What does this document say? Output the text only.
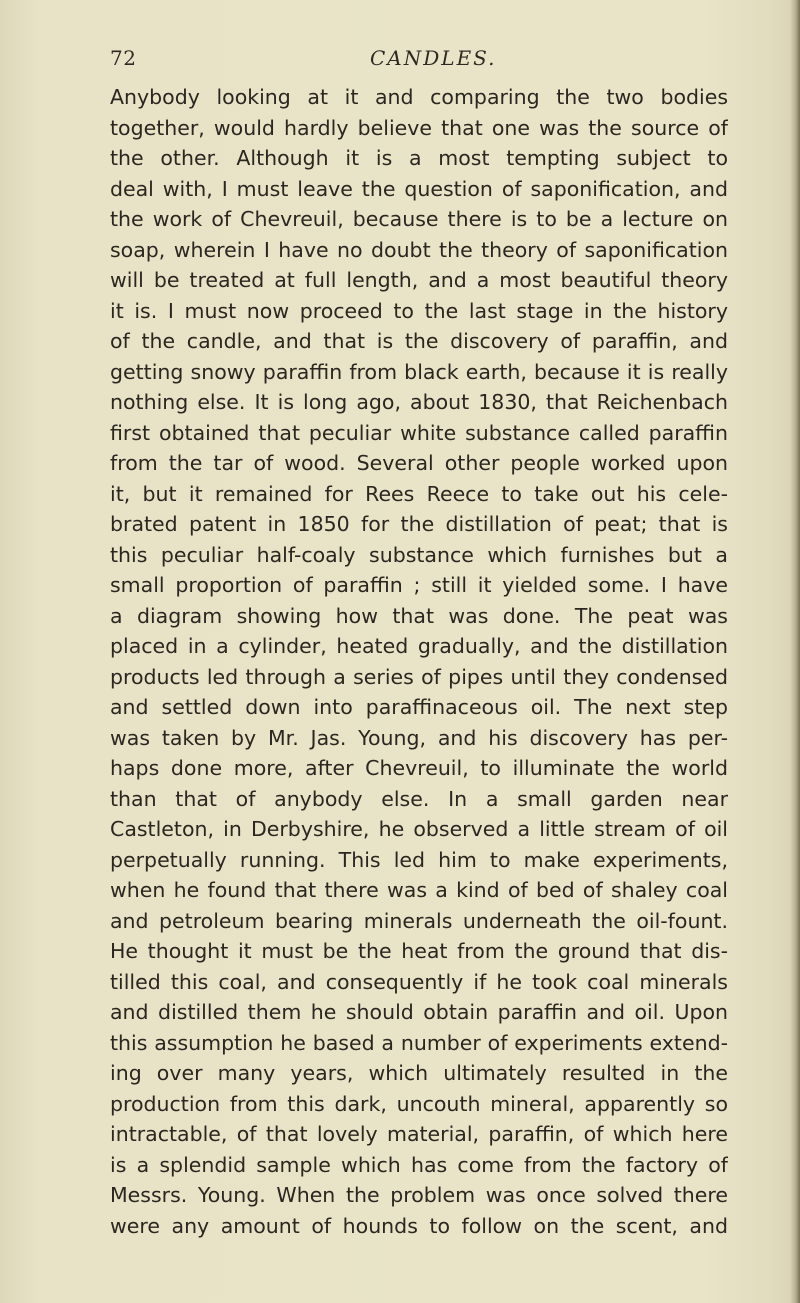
72	CANDLES.
Anybody looking at it and comparing the two bodies
together, would hardly believe that one was the source of
the other. Although it is a most tempting subject to
deal with, I must leave the question of saponification, and
the work of Chevreuil, because there is to be a lecture on
soap, wherein I have no doubt the theory of saponification
will be treated at full length, and a most beautiful theory
it is. I must now proceed to the last stage in the history
of the candle, and that is the discovery of paraffin, and
getting snowy paraffin from black earth, because it is really
nothing else. It is long ago, about 1830, that Reichenbach
first obtained that peculiar white substance called paraffin
from the tar of wood. Several other people worked upon
it, but it remained for Rees Reece to take out his cele-
brated patent in 1850 for the distillation of peat; that is
this peculiar half-coaly substance which furnishes but a
small proportion of paraffin ; still it yielded some. I have
a diagram showing how that was done. The peat was
placed in a cylinder, heated gradually, and the distillation
products led through a series of pipes until they condensed
and settled down into paraffinaceous oil. The next step
was taken by Mr. Jas. Young, and his discovery has per-
haps done more, after Chevreuil, to illuminate the world
than that of anybody else. In a small garden near
Castleton, in Derbyshire, he observed a little stream of oil
perpetually running. This led him to make experiments,
when he found that there was a kind of bed of shaley coal
and petroleum bearing minerals underneath the oil-fount.
He thought it must be the heat from the ground that dis-
tilled this coal, and consequently if he took coal minerals
and distilled them he should obtain paraffin and oil. Upon
this assumption he based a number of experiments extend-
ing over many years, which ultimately resulted in the
production from this dark, uncouth mineral, apparently so
intractable, of that lovely material, paraffin, of which here
is a splendid sample which has come from the factory of
Messrs. Young. When the problem was once solved there
were any amount of hounds to follow on the scent, and
